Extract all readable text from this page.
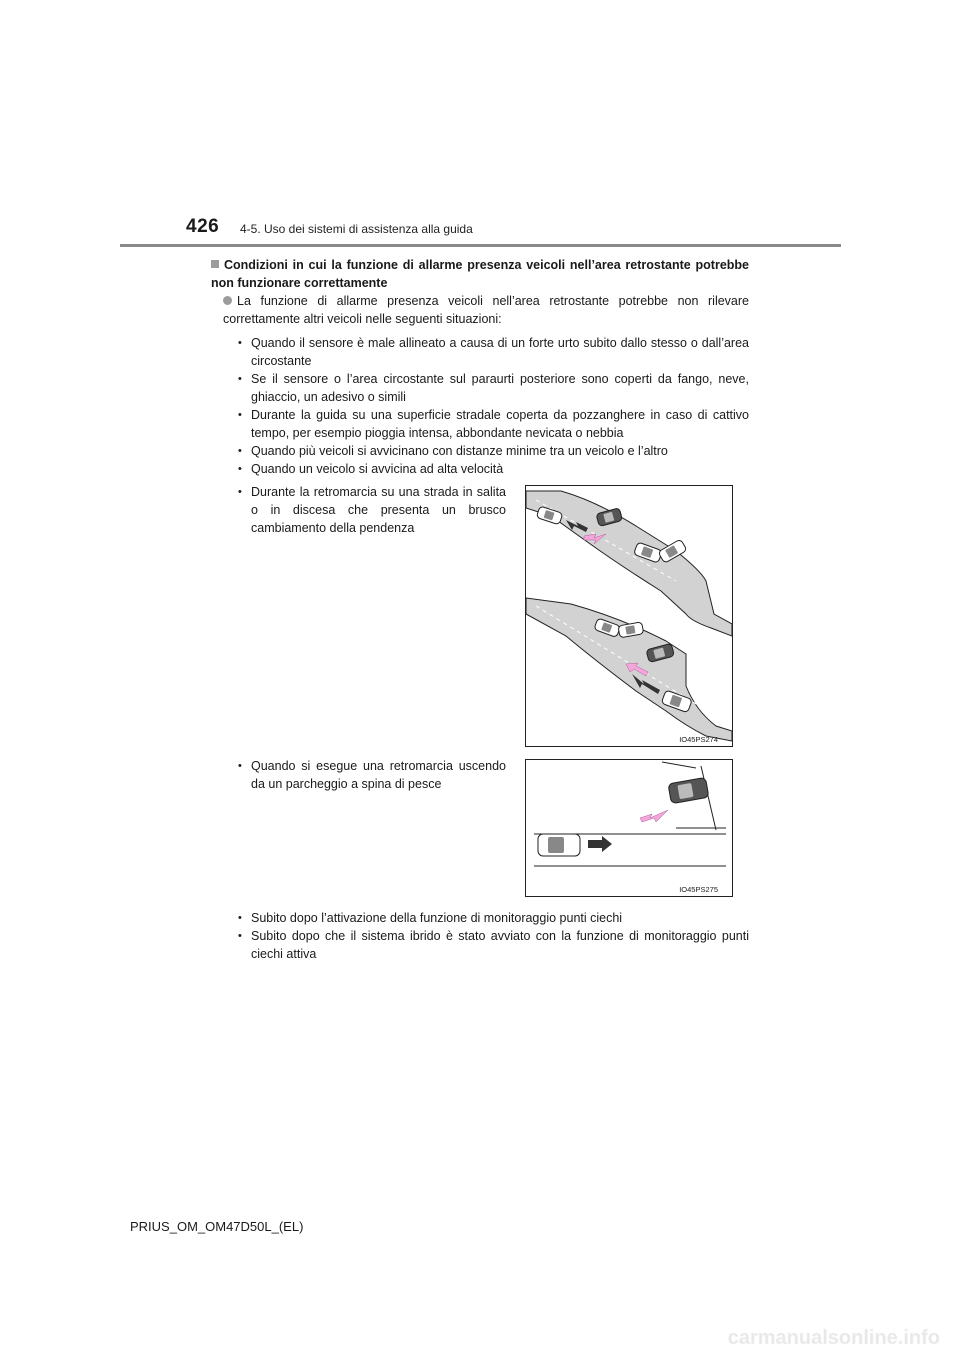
426 4-5. Uso dei sistemi di assistenza alla guida
Condizioni in cui la funzione di allarme presenza veicoli nell’area retrostante potrebbe non funzionare correttamente
La funzione di allarme presenza veicoli nell’area retrostante potrebbe non rilevare correttamente altri veicoli nelle seguenti situazioni:
• Quando il sensore è male allineato a causa di un forte urto subito dallo stesso o dall’area circostante
• Se il sensore o l’area circostante sul paraurti posteriore sono coperti da fango, neve, ghiaccio, un adesivo o simili
• Durante la guida su una superficie stradale coperta da pozzanghere in caso di cattivo tempo, per esempio pioggia intensa, abbondante nevicata o nebbia
• Quando più veicoli si avvicinano con distanze minime tra un veicolo e l’altro
• Quando un veicolo si avvicina ad alta velocità
• Durante la retromarcia su una strada in salita o in discesa che presenta un brusco cambiamento della pendenza
IO45PS274
• Quando si esegue una retromarcia uscendo da un parcheggio a spina di pesce
IO45PS275
• Subito dopo l’attivazione della funzione di monitoraggio punti ciechi
• Subito dopo che il sistema ibrido è stato avviato con la funzione di monitoraggio punti ciechi attiva
PRIUS_OM_OM47D50L_(EL)
carmanualsonline.info
